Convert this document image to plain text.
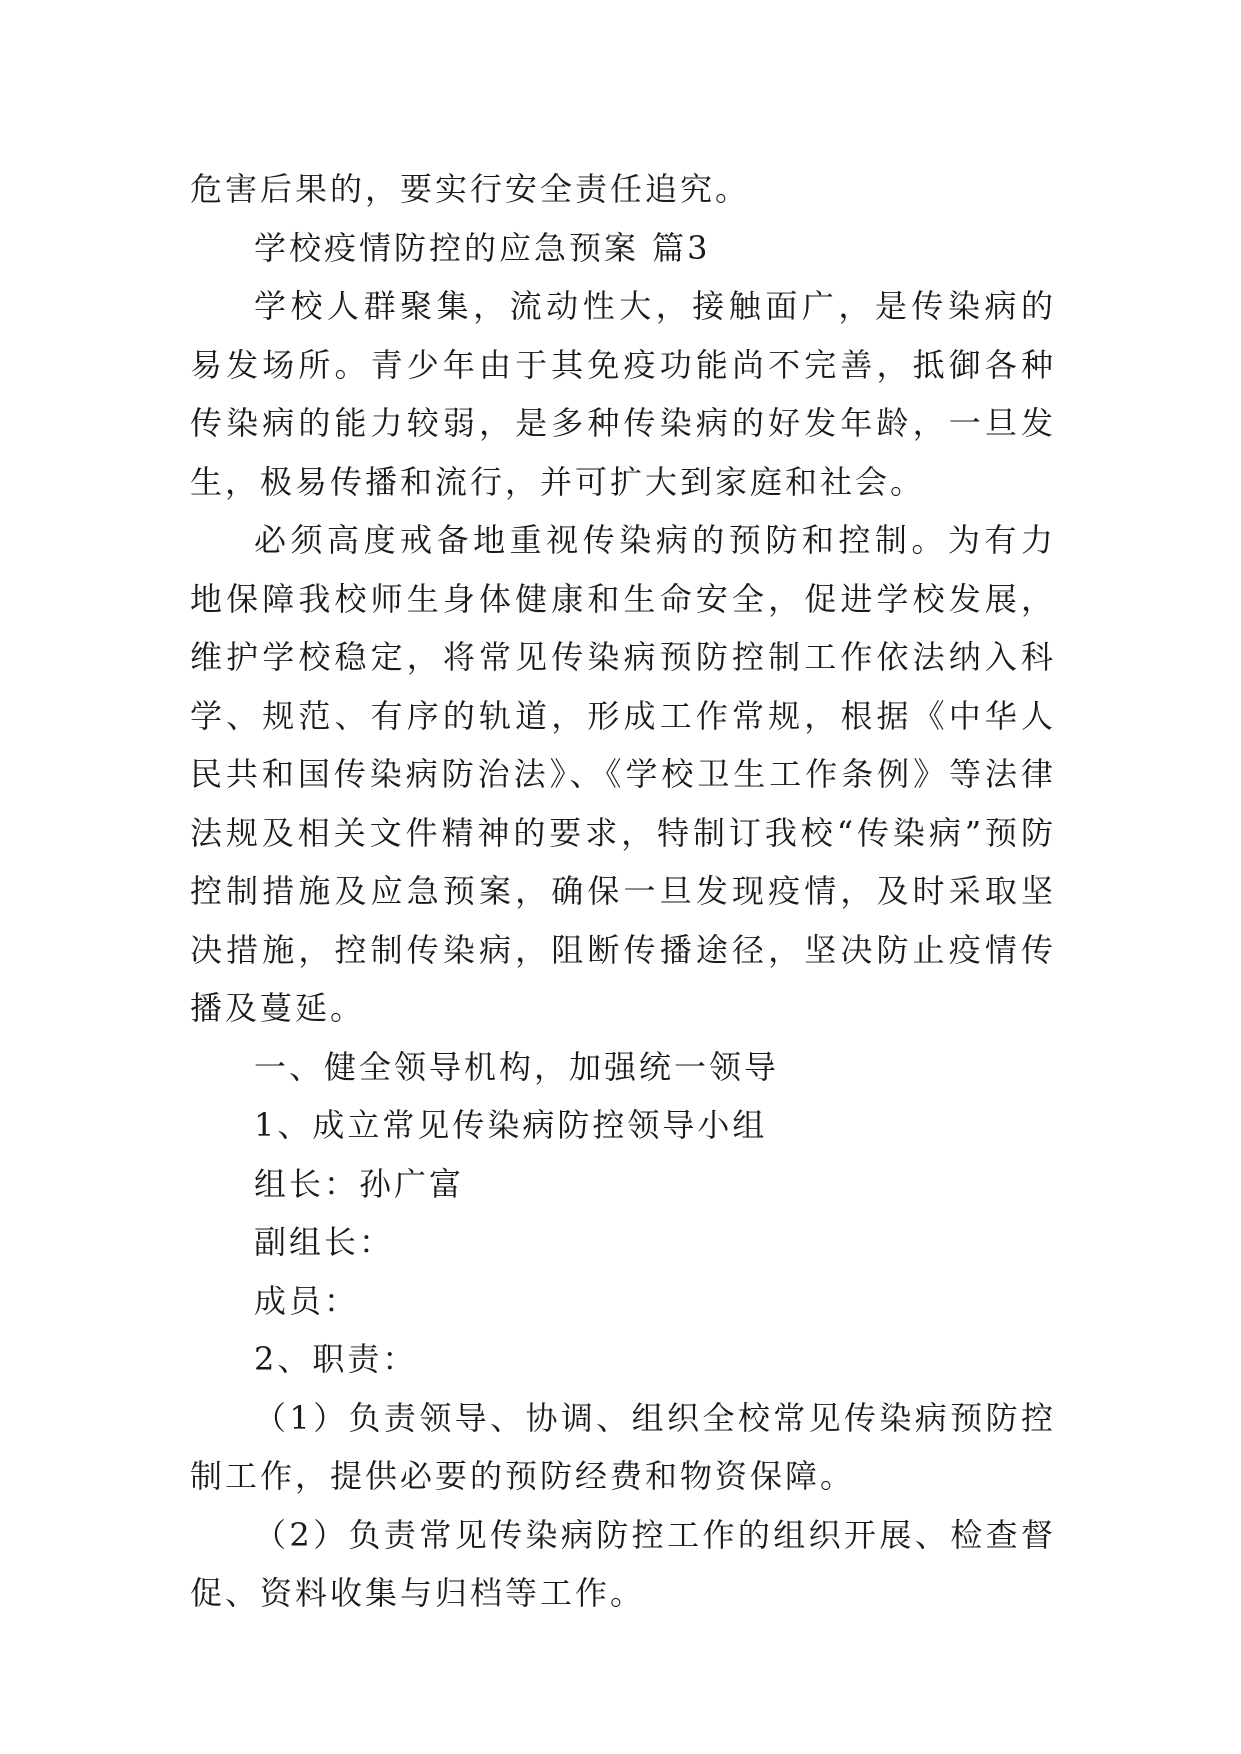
危害后果的，要实行安全责任追究。

学校疫情防控的应急预案 篇3

学校人群聚集，流动性大，接触面广，是传染病的易发场所。青少年由于其免疫功能尚不完善，抵御各种传染病的能力较弱，是多种传染病的好发年龄，一旦发生，极易传播和流行，并可扩大到家庭和社会。

必须高度戒备地重视传染病的预防和控制。为有力地保障我校师生身体健康和生命安全，促进学校发展，维护学校稳定，将常见传染病预防控制工作依法纳入科学、规范、有序的轨道，形成工作常规，根据《中华人民共和国传染病防治法》、《学校卫生工作条例》等法律法规及相关文件精神的要求，特制订我校“传染病”预防控制措施及应急预案，确保一旦发现疫情，及时采取坚决措施，控制传染病，阻断传播途径，坚决防止疫情传播及蔓延。

一、健全领导机构，加强统一领导

1、成立常见传染病防控领导小组

组长：孙广富

副组长：

成员：

2、职责：

（1）负责领导、协调、组织全校常见传染病预防控制工作，提供必要的预防经费和物资保障。

（2）负责常见传染病防控工作的组织开展、检查督促、资料收集与归档等工作。
